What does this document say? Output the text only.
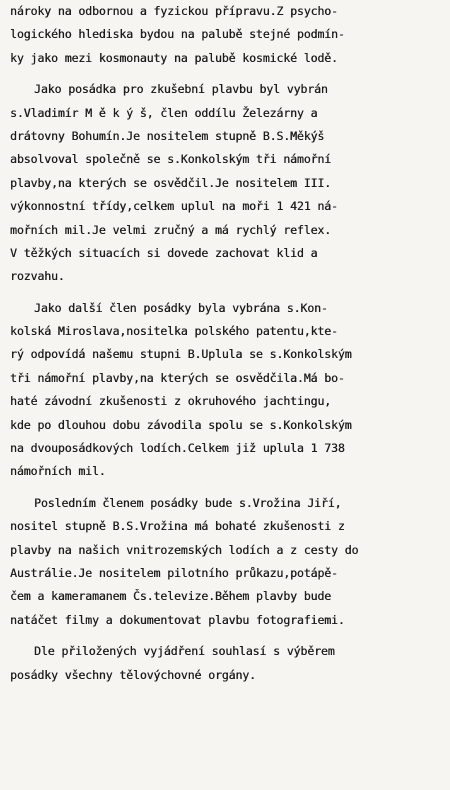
nárokу na odbornou a fyzickou přípravu.Z psycho-
logického hlediska bydou na palubě stejné podmín-
ky jako mezi kosmonauty na palubě kosmické lodě.
Jako posádka pro zkušební plavbu byl vybrán
s.Vladimír M ě k ý š, člen oddílu Železárny a
drátovny Bohumín.Je nositelem stupně B.S.Měkýš
absolvoval společně se s.Konkolským tři námořní
plavby,na kterých se osvědčil.Je nositelem III.
výkonnostní třídy,celkem uplul na moři 1 421 ná-
mořních mil.Je velmi zručný a má rychlý reflex.
V těžkých situacích si dovede zachovat klid a
rozvahu.
Jako další člen posádky byla vybrána s.Kon-
kolská Miroslava,nositelka polského patentu,kte-
rý odpovídá našemu stupni B.Uplula se s.Konkolským
tři námořní plavby,na kterých se osvědčila.Má bo-
haté závodní zkušenosti z okruhového jachtingu,
kde po dlouhou dobu závodila spolu se s.Konkolským
na dvouposádkových lodích.Celkem již uplula 1 738
námořních mil.
Posledním členem posádky bude s.Vrožina Jiří,
nositel stupně B.S.Vrožina má bohaté zkušenosti z
plavby na našich vnitrozemských lodích a z cesty do
Austrálie.Je nositelem pilotního průkazu,potápě-
čem a kameramanem Čs.televize.Během plavby bude
natáčet filmy a dokumentovat plavbu fotografiemi.
Dle přiložených vyjádření souhlasí s výběrem
posádky všechny tělovýchovné orgány.
